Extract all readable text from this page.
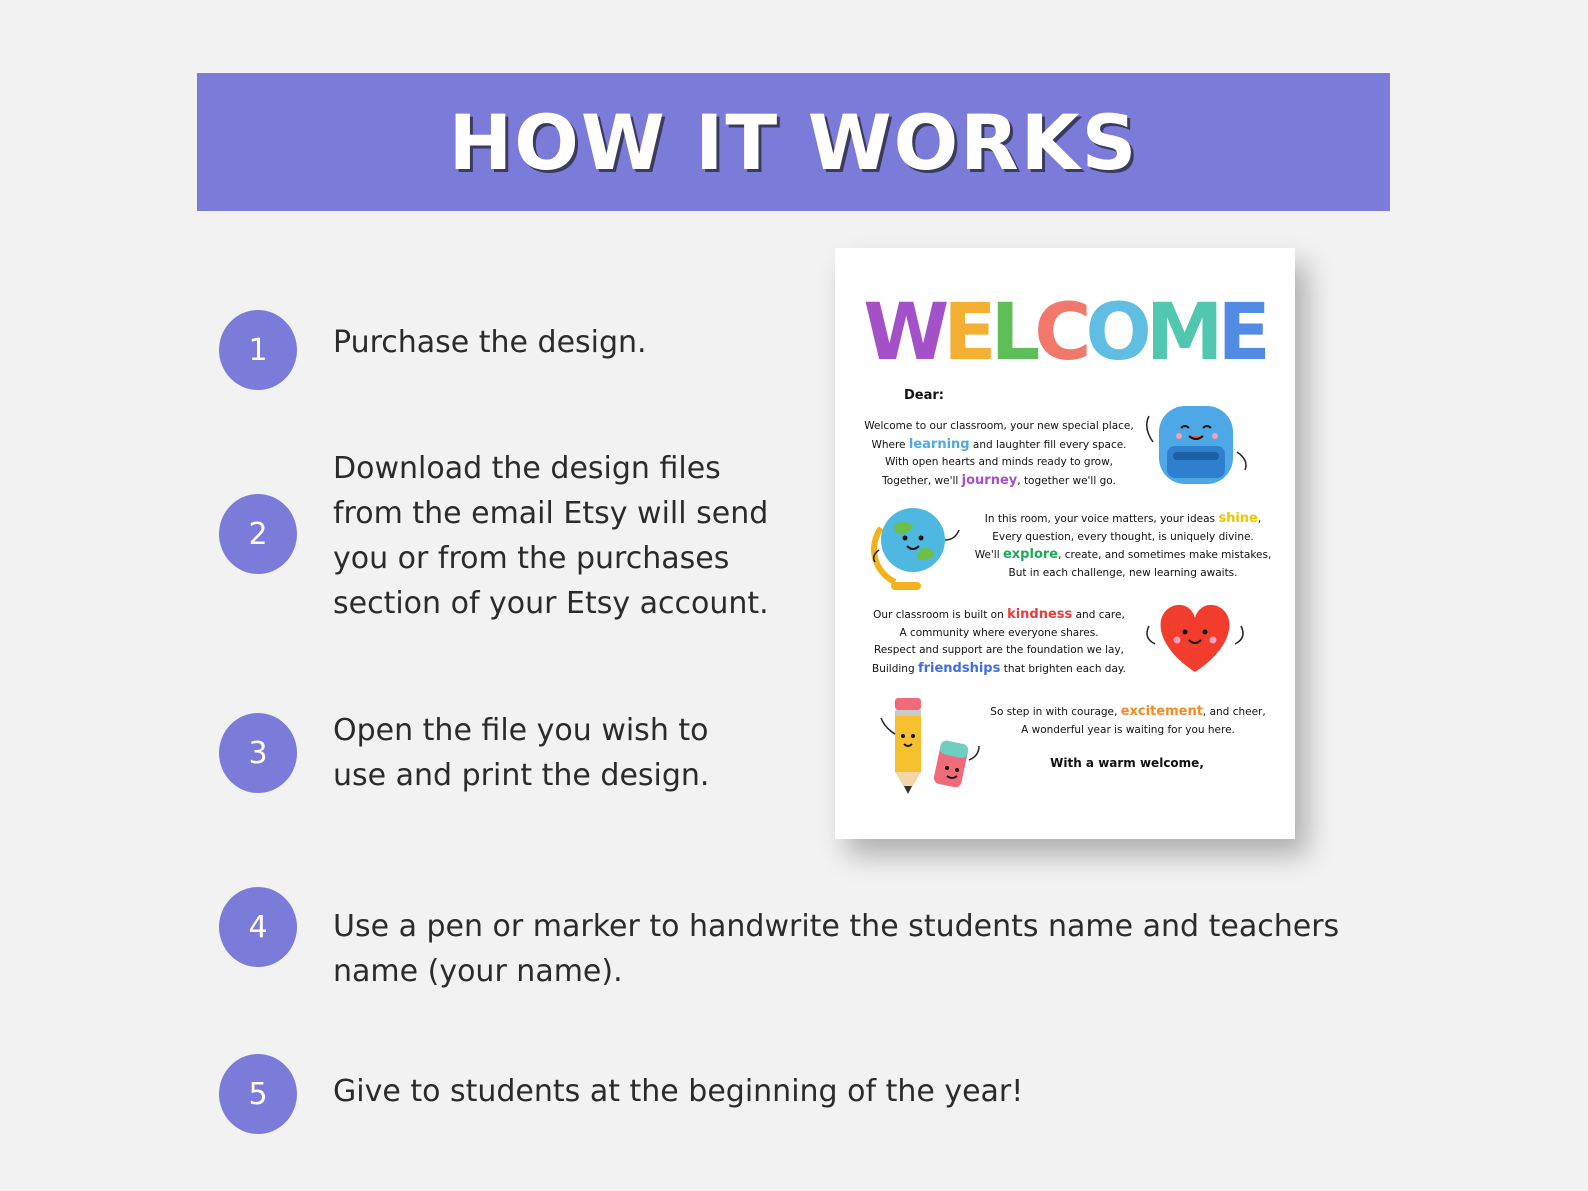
HOW IT WORKS
1	Purchase the design.
2
Download the design files
from the email Etsy will send
you or from the purchases
section of your Etsy account.
3
Open the file you wish to
use and print the design.
4	Use a pen or marker to handwrite the students name and teachers
name (your name).
5	Give to students at the beginning of the year!
W
E
L
C
O
M
E
Dear:
Welcome to our classroom, your new special place,
Where learning and laughter fill every space.
With open hearts and minds ready to grow,
Together, we'll journey, together we'll go.
In this room, your voice matters, your ideas shine,
Every question, every thought, is uniquely divine.
We'll explore, create, and sometimes make mistakes,
But in each challenge, new learning awaits.
Our classroom is built on kindness and care,
A community where everyone shares.
Respect and support are the foundation we lay,
Building friendships that brighten each day.
So step in with courage, excitement, and cheer,
A wonderful year is waiting for you here.
With a warm welcome,
